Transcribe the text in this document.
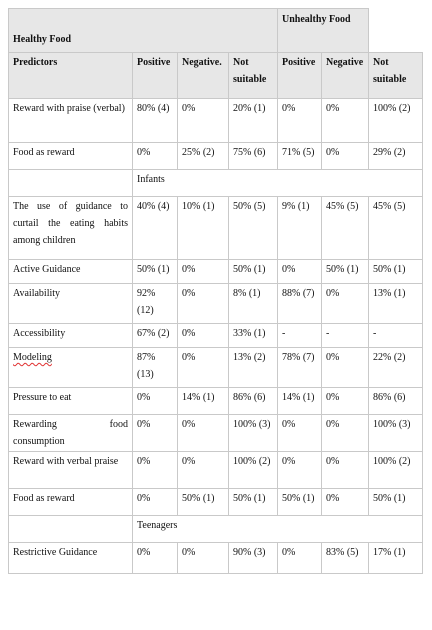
Healthy Food				Unhealthy Food		
Predictors	Positive	Negative.	Not suitable	Positive	Negative	Not suitable
Reward with praise (verbal)	80% (4)	0%	20% (1)	0%	0%	100% (2)
Food as reward	0%	25% (2)	75% (6)	71% (5)	0%	29% (2)
	Infants					
The use of guidance to curtail the eating habits among children	40% (4)	10% (1)	50% (5)	9% (1)	45% (5)	45% (5)
Active Guidance	50% (1)	0%	50% (1)	0%	50% (1)	50% (1)
Availability	92% (12)	0%	8% (1)	88% (7)	0%	13% (1)
Accessibility	67% (2)	0%	33% (1)	-	-	-
Modeling	87% (13)	0%	13% (2)	78% (7)	0%	22% (2)
Pressure to eat	0%	14% (1)	86% (6)	14% (1)	0%	86% (6)
Rewarding food consumption	0%	0%	100% (3)	0%	0%	100% (3)
Reward with verbal praise	0%	0%	100% (2)	0%	0%	100% (2)
Food as reward	0%	50% (1)	50% (1)	50% (1)	0%	50% (1)
	Teenagers					
Restrictive Guidance	0%	0%	90% (3)	0%	83% (5)	17% (1)
